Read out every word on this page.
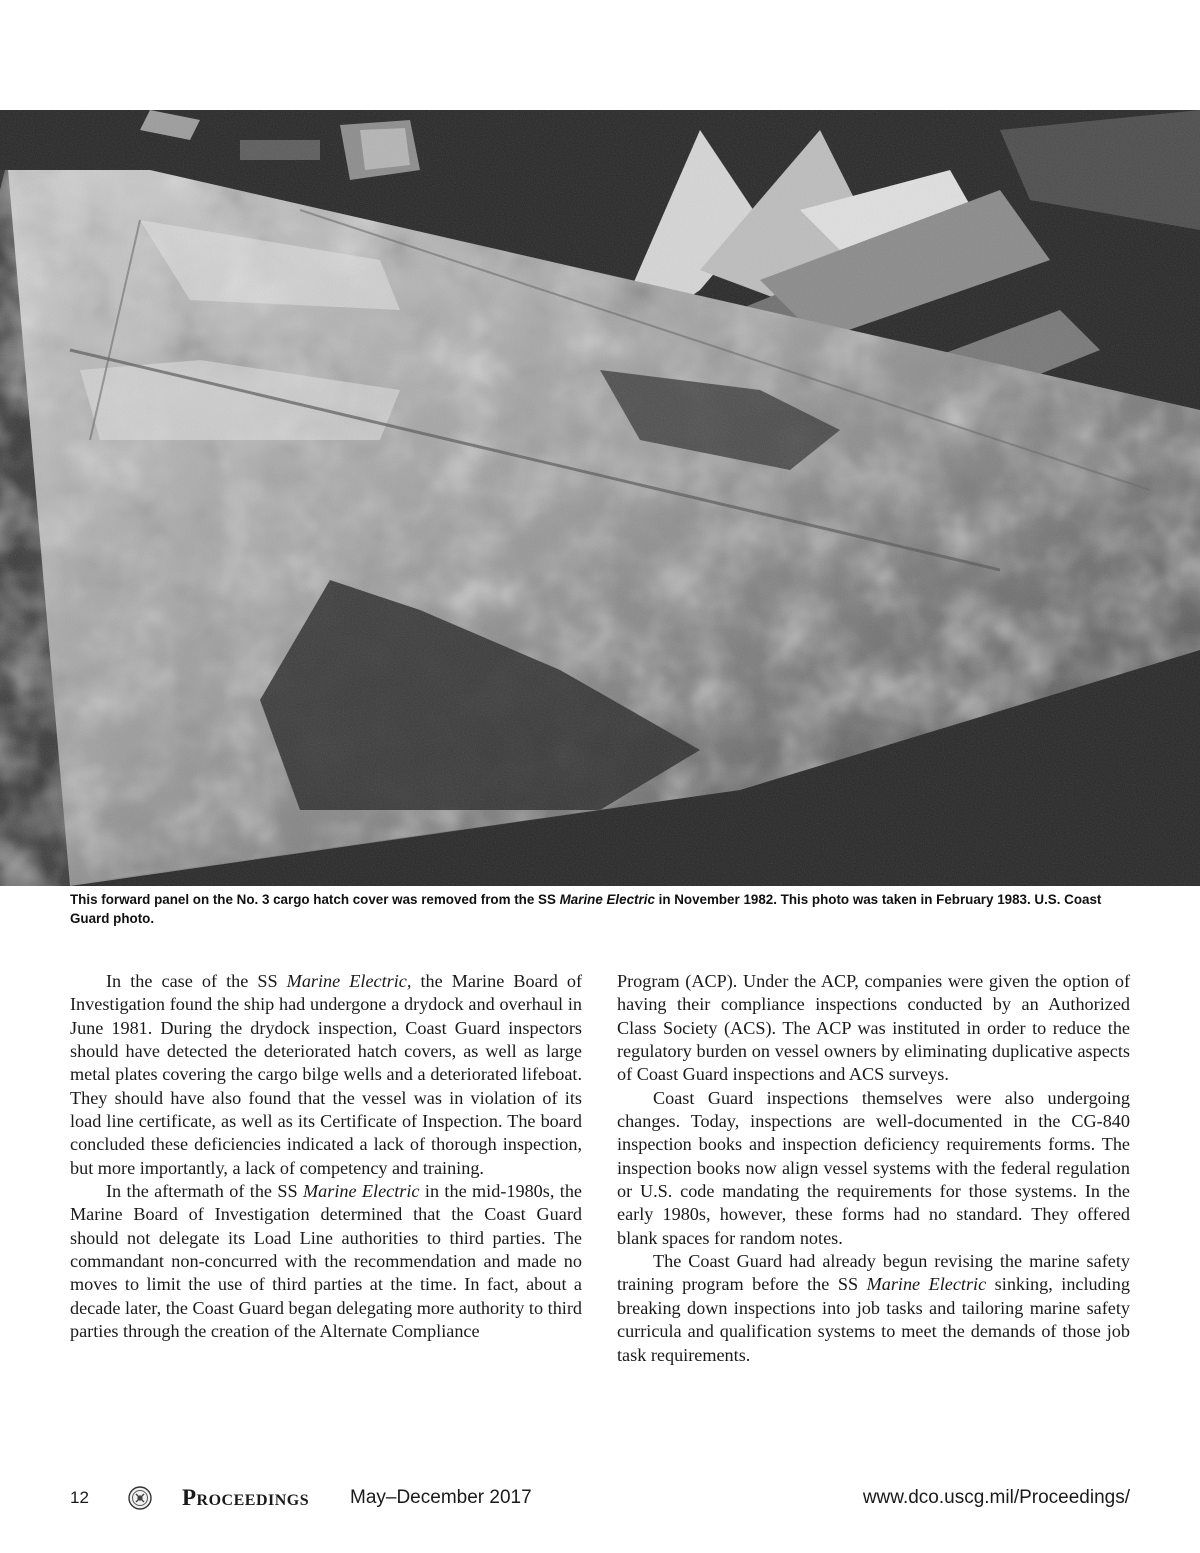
This forward panel on the No. 3 cargo hatch cover was removed from the SS Marine Electric in November 1982. This photo was taken in February 1983. U.S. Coast Guard photo.

In the case of the SS Marine Electric, the Marine Board of Investigation found the ship had undergone a drydock and overhaul in June 1981. During the drydock inspection, Coast Guard inspectors should have detected the deteriorated hatch covers, as well as large metal plates covering the cargo bilge wells and a deteriorated lifeboat. They should have also found that the vessel was in violation of its load line certificate, as well as its Certificate of Inspection. The board concluded these deficiencies indicated a lack of thorough inspection, but more importantly, a lack of competency and training.

In the aftermath of the SS Marine Electric in the mid-1980s, the Marine Board of Investigation determined that the Coast Guard should not delegate its Load Line authorities to third parties. The commandant non-concurred with the recommendation and made no moves to limit the use of third parties at the time. In fact, about a decade later, the Coast Guard began delegating more authority to third parties through the creation of the Alternate Compliance

Program (ACP). Under the ACP, companies were given the option of having their compliance inspections conducted by an Authorized Class Society (ACS). The ACP was instituted in order to reduce the regulatory burden on vessel owners by eliminating duplicative aspects of Coast Guard inspections and ACS surveys.

Coast Guard inspections themselves were also undergoing changes. Today, inspections are well-documented in the CG-840 inspection books and inspection deficiency requirements forms. The inspection books now align vessel systems with the federal regulation or U.S. code mandating the requirements for those systems. In the early 1980s, however, these forms had no standard. They offered blank spaces for random notes.

The Coast Guard had already begun revising the marine safety training program before the SS Marine Electric sinking, including breaking down inspections into job tasks and tailoring marine safety curricula and qualification systems to meet the demands of those job task requirements.

12	Proceedings May–December 2017	www.dco.uscg.mil/Proceedings/
